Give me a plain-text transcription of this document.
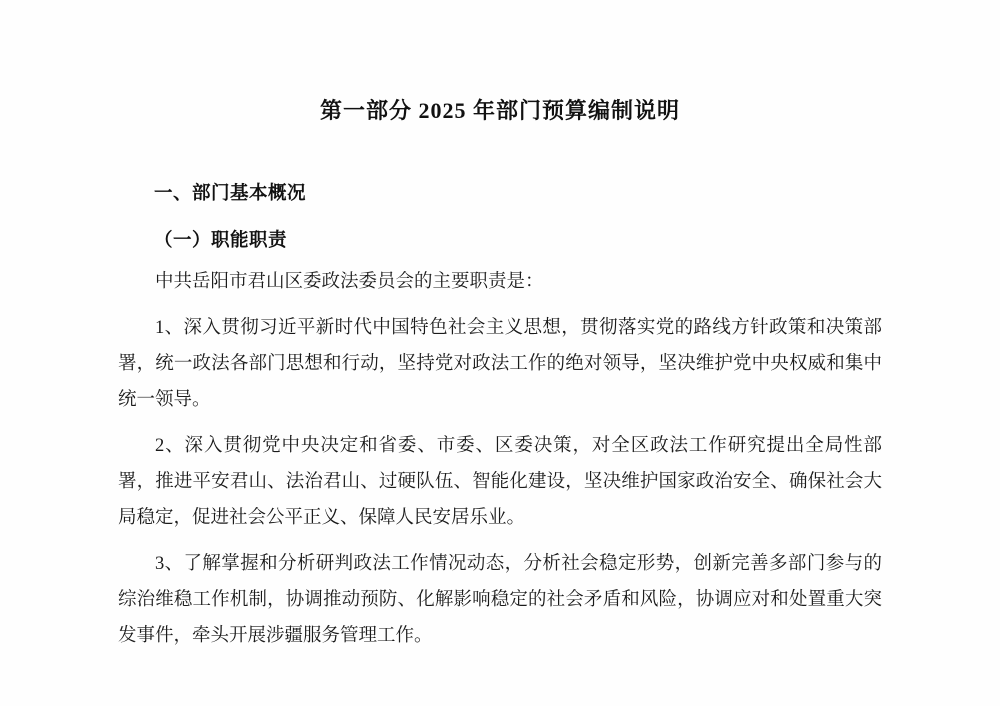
第一部分 2025 年部门预算编制说明
一、部门基本概况
（一）职能职责

中共岳阳市君山区委政法委员会的主要职责是：

1、深入贯彻习近平新时代中国特色社会主义思想，贯彻落实党的路线方针政策和决策部署，统一政法各部门思想和行动，坚持党对政法工作的绝对领导，坚决维护党中央权威和集中统一领导。

2、深入贯彻党中央决定和省委、市委、区委决策，对全区政法工作研究提出全局性部署，推进平安君山、法治君山、过硬队伍、智能化建设，坚决维护国家政治安全、确保社会大局稳定，促进社会公平正义、保障人民安居乐业。

3、了解掌握和分析研判政法工作情况动态，分析社会稳定形势，创新完善多部门参与的综治维稳工作机制，协调推动预防、化解影响稳定的社会矛盾和风险，协调应对和处置重大突发事件，牵头开展涉疆服务管理工作。
